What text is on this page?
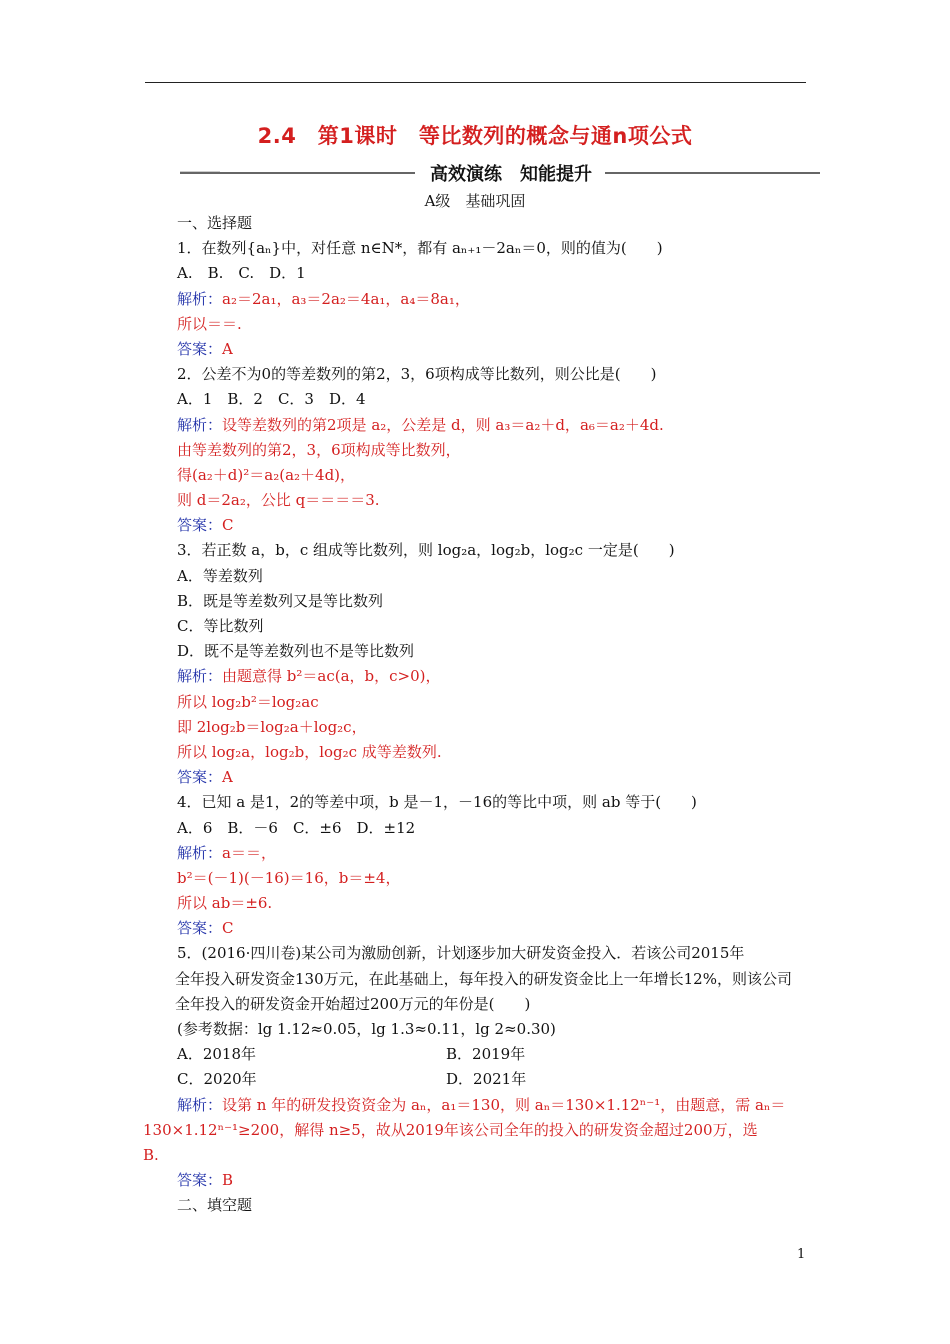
2.4　第1课时　等比数列的概念与通n项公式
高效演练　知能提升
A级　基础巩固
一、选择题
1．在数列{aₙ}中，对任意 n∈N*，都有 aₙ₊₁－2aₙ＝0，则的值为(　　)
A.　B.　C.　D．1
解析：a₂＝2a₁，a₃＝2a₂＝4a₁，a₄＝8a₁，
所以＝＝.
答案：A
2．公差不为0的等差数列的第2，3，6项构成等比数列，则公比是(　　)
A．1　B．2　C．3　D．4
解析：设等差数列的第2项是 a₂，公差是 d，则 a₃＝a₂＋d，a₆＝a₂＋4d.
由等差数列的第2，3，6项构成等比数列，
得(a₂＋d)²＝a₂(a₂＋4d)，
则 d＝2a₂，公比 q＝＝＝＝3.
答案：C
3．若正数 a，b，c 组成等比数列，则 log₂a，log₂b，log₂c 一定是(　　)
A．等差数列
B．既是等差数列又是等比数列
C．等比数列
D．既不是等差数列也不是等比数列
解析：由题意得 b²＝ac(a，b，c>0)，
所以 log₂b²＝log₂ac
即 2log₂b＝log₂a＋log₂c，
所以 log₂a，log₂b，log₂c 成等差数列.
答案：A
4．已知 a 是1，2的等差中项，b 是－1，－16的等比中项，则 ab 等于(　　)
A．6　B．－6　C．±6　D．±12
解析：a＝＝，
b²＝(－1)(－16)＝16，b＝±4，
所以 ab＝±6.
答案：C
5．(2016·四川卷)某公司为激励创新，计划逐步加大研发资金投入．若该公司2015年
全年投入研发资金130万元，在此基础上，每年投入的研发资金比上一年增长12%，则该公司
全年投入的研发资金开始超过200万元的年份是(　　)
(参考数据：lg 1.12≈0.05，lg 1.3≈0.11，lg 2≈0.30)
A．2018年	B．2019年
C．2020年	D．2021年
解析：设第 n 年的研发投资资金为 aₙ，a₁＝130，则 aₙ＝130×1.12ⁿ⁻¹，由题意，需 aₙ＝
130×1.12ⁿ⁻¹≥200，解得 n≥5，故从2019年该公司全年的投入的研发资金超过200万，选
B.
答案：B
二、填空题
1
